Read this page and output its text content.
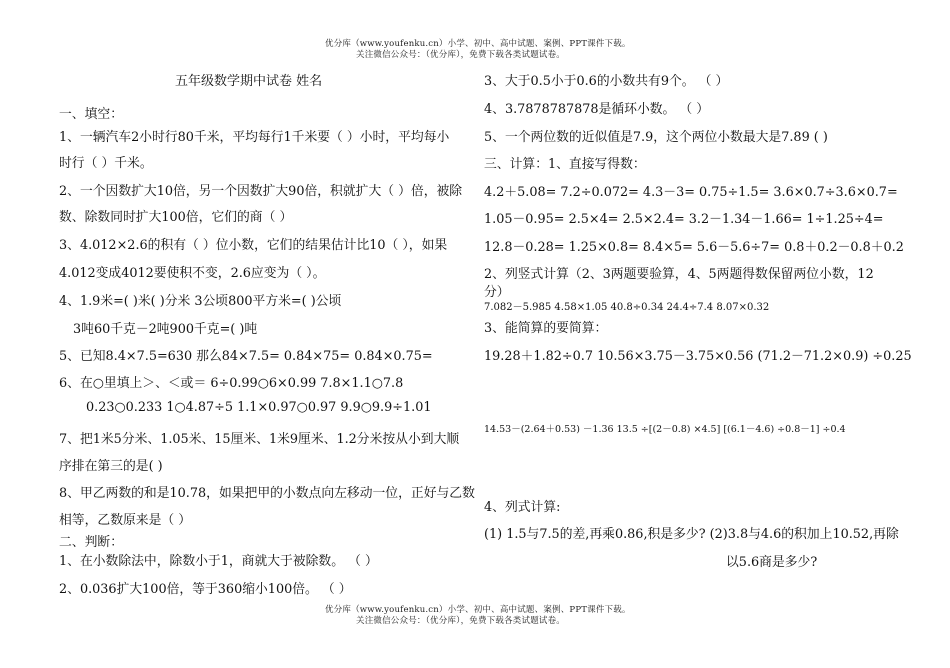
优分库（www.youfenku.cn）小学、初中、高中试题、案例、PPT课件下载。
关注微信公众号：（优分库），免费下载各类试题试卷。
五年级数学期中试卷 姓名
一、填空：
1、一辆汽车2小时行80千米，平均每行1千米要（ ）小时，平均每小
时行（ ）千米。
2、一个因数扩大10倍，另一个因数扩大90倍，积就扩大（ ）倍，被除
数、除数同时扩大100倍，它们的商（ ）
3、4.012×2.6的积有（ ）位小数，它们的结果估计比10（ ），如果
4.012变成4012要使积不变，2.6应变为（ ）。
4、1.9米=( )米( )分米 3公顷800平方米=( )公顷
3吨60千克－2吨900千克=( )吨
5、已知8.4×7.5=630 那么84×7.5= 0.84×75= 0.84×0.75=
6、在○里填上＞、＜或＝ 6÷0.99○6×0.99 7.8×1.1○7.8
0.23○0.233 1○4.87÷5 1.1×0.97○0.97 9.9○9.9÷1.01
7、把1米5分米、1.05米、15厘米、1米9厘米、1.2分米按从小到大顺
序排在第三的是( )
8、甲乙两数的和是10.78，如果把甲的小数点向左移动一位，正好与乙数
相等，乙数原来是（ ）
二、判断：
1、在小数除法中，除数小于1，商就大于被除数。 （ ）
2、0.036扩大100倍，等于360缩小100倍。 （ ）
3、大于0.5小于0.6的小数共有9个。 （ ）
4、3.7878787878是循环小数。 （ ）
5、一个两位数的近似值是7.9，这个两位小数最大是7.89 ( )
三、计算：1、直接写得数：
4.2＋5.08= 7.2÷0.072= 4.3－3= 0.75÷1.5= 3.6×0.7÷3.6×0.7=
1.05－0.95= 2.5×4= 2.5×2.4= 3.2－1.34－1.66= 1÷1.25÷4=
12.8－0.28= 1.25×0.8= 8.4×5= 5.6－5.6÷7= 0.8＋0.2－0.8＋0.2
2、列竖式计算（2、3两题要验算，4、5两题得数保留两位小数，12
分）
7.082－5.985 4.58×1.05 40.8÷0.34 24.4÷7.4 8.07×0.32
3、能简算的要简算：
19.28＋1.82÷0.7 10.56×3.75－3.75×0.56 (71.2－71.2×0.9) ÷0.25
14.53－(2.64＋0.53) －1.36 13.5 ÷[(2－0.8) ×4.5] [(6.1－4.6) ÷0.8－1] ÷0.4
4、列式计算:
(1) 1.5与7.5的差,再乘0.86,积是多少? (2)3.8与4.6的积加上10.52,再除
以5.6商是多少?
优分库（www.youfenku.cn）小学、初中、高中试题、案例、PPT课件下载。
关注微信公众号：（优分库），免费下载各类试题试卷。
